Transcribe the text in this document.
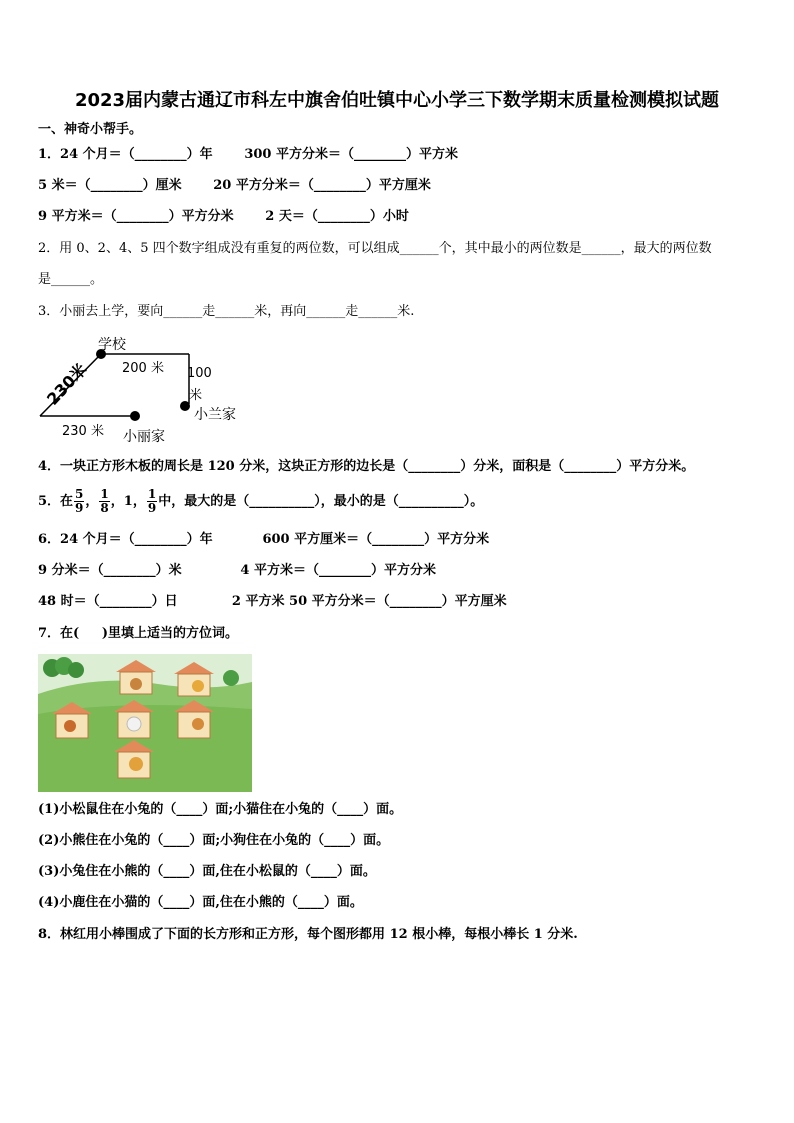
2023届内蒙古通辽市科左中旗舍伯吐镇中心小学三下数学期末质量检测模拟试题
一、神奇小帮手。
1．24 个月＝（________）年       300 平方分米＝（________）平方米
5 米＝（________）厘米       20 平方分米＝（________）平方厘米
9 平方米＝（________）平方分米       2 天＝（________）小时
2．用 0、2、4、5 四个数字组成没有重复的两位数，可以组成______个，其中最小的两位数是______，最大的两位数
是______。
3．小丽去上学，要向______走______米，再向______走______米.
学校
200 米 100
米
小兰家
230米
230 米 小丽家
4．一块正方形木板的周长是 120 分米，这块正方形的边长是（________）分米，面积是（________）平方分米。
5．在 $\frac{5}{9}$ ， $\frac{1}{8}$ ，1， $\frac{1}{9}$ 中，最大的是（__________），最小的是（__________）。
6．24 个月＝（________）年           600 平方厘米＝（________）平方分米
9 分米＝（________）米             4 平方米＝（________）平方分米
48 时＝（________）日            2 平方米 50 平方分米＝（________）平方厘米
7．在(     )里填上适当的方位词。
(1)小松鼠住在小兔的（____）面;小猫住在小兔的（____）面。
(2)小熊住在小兔的（____）面;小狗住在小兔的（____）面。
(3)小兔住在小熊的（____）面,住在小松鼠的（____）面。
(4)小鹿住在小猫的（____）面,住在小熊的（____）面。
8．林红用小棒围成了下面的长方形和正方形，每个图形都用 12 根小棒，每根小棒长 1 分米.
